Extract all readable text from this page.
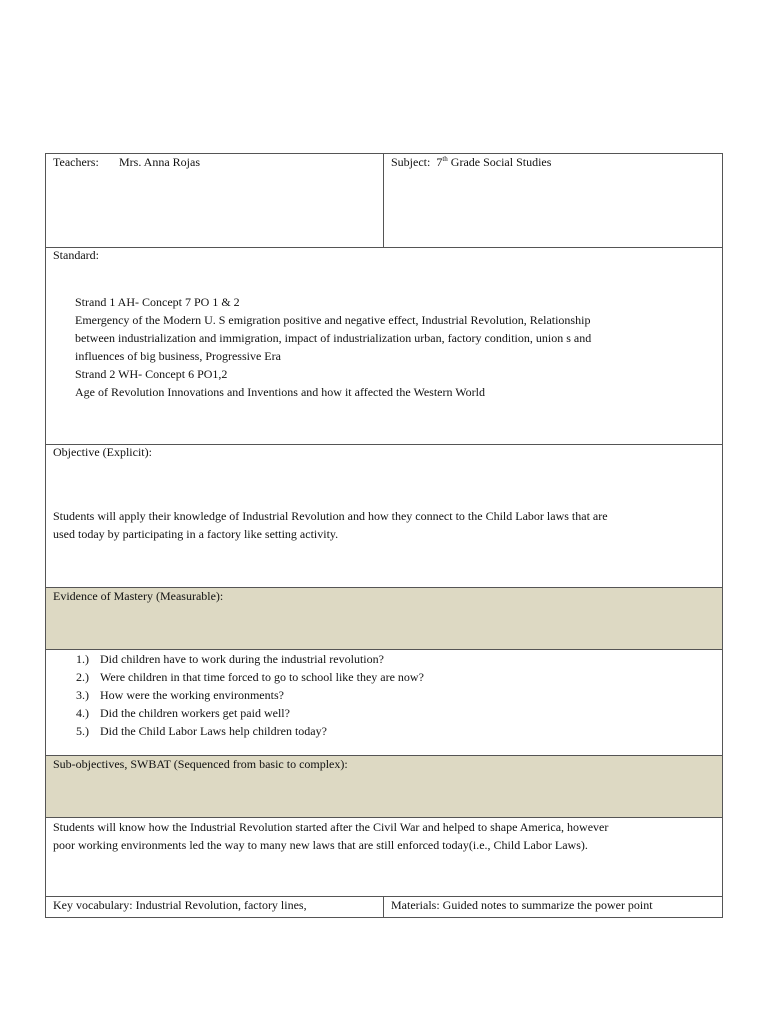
Teachers: Mrs. Anna Rojas	Subject: 7th Grade Social Studies
Standard:
Strand 1 AH- Concept 7 PO 1 & 2
Emergency of the Modern U. S emigration positive and negative effect, Industrial Revolution, Relationship
between industrialization and immigration, impact of industrialization urban, factory condition, union s and
influences of big business, Progressive Era
Strand 2 WH- Concept 6 PO1,2
Age of Revolution Innovations and Inventions and how it affected the Western World
Objective (Explicit):
Students will apply their knowledge of Industrial Revolution and how they connect to the Child Labor laws that are
used today by participating in a factory like setting activity.
Evidence of Mastery (Measurable):
1.) Did children have to work during the industrial revolution?
2.) Were children in that time forced to go to school like they are now?
3.) How were the working environments?
4.) Did the children workers get paid well?
5.) Did the Child Labor Laws help children today?
Sub-objectives, SWBAT (Sequenced from basic to complex):
Students will know how the Industrial Revolution started after the Civil War and helped to shape America, however
poor working environments led the way to many new laws that are still enforced today(i.e., Child Labor Laws).
Key vocabulary: Industrial Revolution, factory lines,	Materials: Guided notes to summarize the power point
